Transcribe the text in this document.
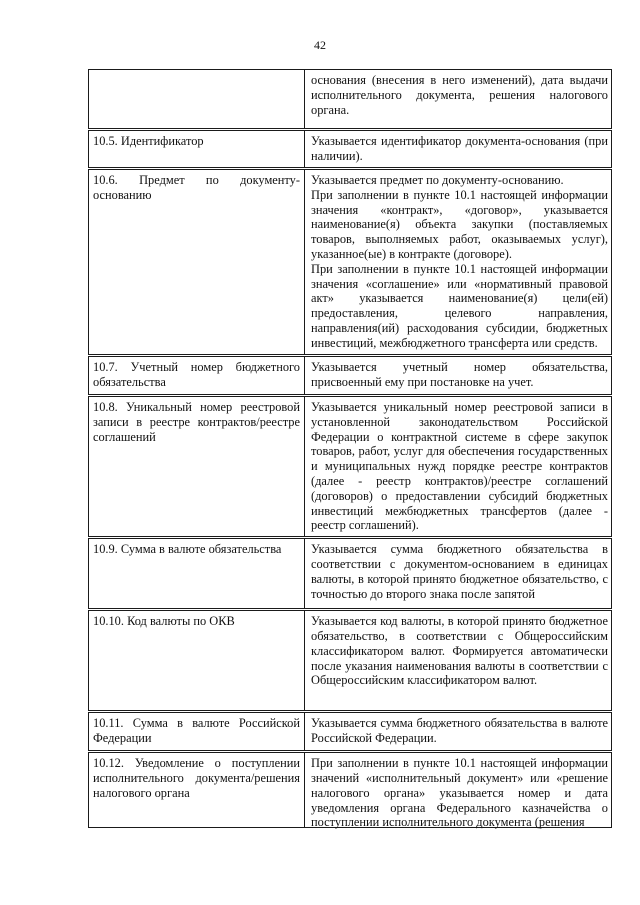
42

	основания (внесения в него изменений), дата выдачи исполнительного документа, решения налогового органа.

10.5. Идентификатор	Указывается идентификатор документа-основания (при наличии).

10.6. Предмет по документу-основанию	Указывается предмет по документу-основанию.
При заполнении в пункте 10.1 настоящей информации значения «контракт», «договор», указывается наименование(я) объекта закупки (поставляемых товаров, выполняемых работ, оказываемых услуг), указанное(ые) в контракте (договоре).
При заполнении в пункте 10.1 настоящей информации значения «соглашение» или «нормативный правовой акт» указывается наименование(я) цели(ей) предоставления, целевого направления, направления(ий) расходования субсидии, бюджетных инвестиций, межбюджетного трансферта или средств.

10.7. Учетный номер бюджетного обязательства	Указывается учетный номер обязательства, присвоенный ему при постановке на учет.

10.8. Уникальный номер реестровой записи в реестре контрактов/реестре соглашений	Указывается уникальный номер реестровой записи в установленной законодательством Российской Федерации о контрактной системе в сфере закупок товаров, работ, услуг для обеспечения государственных и муниципальных нужд порядке реестре контрактов (далее - реестр контрактов)/реестре соглашений (договоров) о предоставлении субсидий бюджетных инвестиций межбюджетных трансфертов (далее - реестр соглашений).

10.9. Сумма в валюте обязательства	Указывается сумма бюджетного обязательства в соответствии с документом-основанием в единицах валюты, в которой принято бюджетное обязательство, с точностью до второго знака после запятой

10.10. Код валюты по ОКВ	Указывается код валюты, в которой принято бюджетное обязательство, в соответствии с Общероссийским классификатором валют. Формируется автоматически после указания наименования валюты в соответствии с Общероссийским классификатором валют.

10.11. Сумма в валюте Российской Федерации	Указывается сумма бюджетного обязательства в валюте Российской Федерации.

10.12. Уведомление о поступлении исполнительного документа/решения налогового органа	При заполнении в пункте 10.1 настоящей информации значений «исполнительный документ» или «решение налогового органа» указывается номер и дата уведомления органа Федерального казначейства о поступлении исполнительного документа (решения
